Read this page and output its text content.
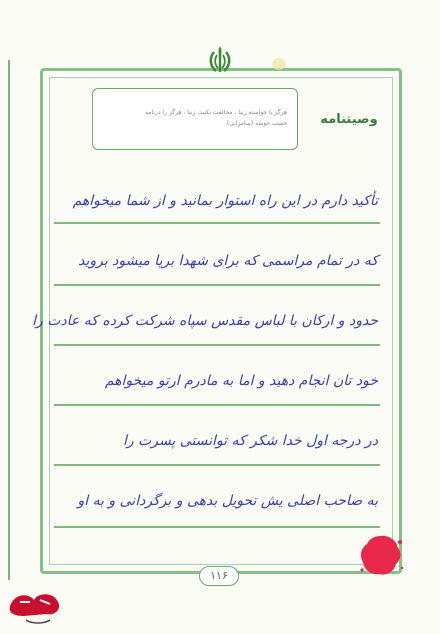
هرگز با خواسته زنیا ، مخالفت نکنید، زنیا ، هرگز را درنامه
حسب خوشه (سامرانی)	وصیتنامه
تأکید دارم در این راه استوار بمانید و از شما میخواهم
که در تمام مراسمی که برای شهدا برپا میشود بروید
حدود و ارکان با لباس مقدس سپاه شرکت کرده که عادت را
خود تان انجام دهید و اما به مادرم ارتو میخواهم
در درجه اول خدا شکر که توانستی پسرت را
به صاحب اصلی یش تحویل بدهی و برگردانی و به او
۱۱۶
